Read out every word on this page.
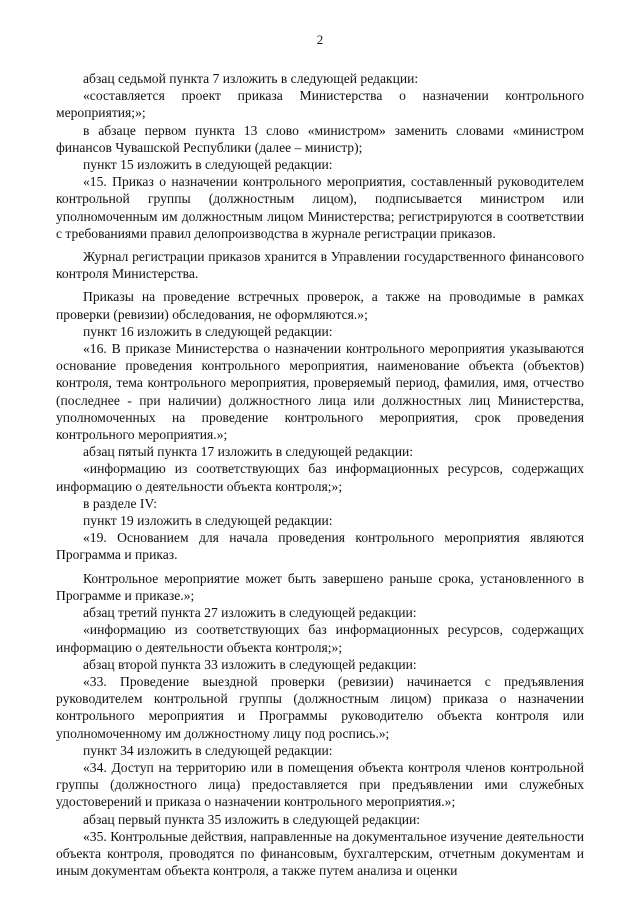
2

абзац седьмой пункта 7 изложить в следующей редакции:

«составляется проект приказа Министерства о назначении контрольного мероприятия;»;

в абзаце первом пункта 13 слово «министром» заменить словами «министром финансов Чувашской Республики (далее – министр);

пункт 15 изложить в следующей редакции:

«15. Приказ о назначении контрольного мероприятия, составленный руководителем контрольной группы (должностным лицом), подписывается министром или уполномоченным им должностным лицом Министерства; регистрируются в соответствии с требованиями правил делопроизводства в журнале регистрации приказов.

Журнал регистрации приказов хранится в Управлении государственного финансового контроля Министерства.

Приказы на проведение встречных проверок, а также на проводимые в рамках проверки (ревизии) обследования, не оформляются.»;

пункт 16 изложить в следующей редакции:

«16. В приказе Министерства о назначении контрольного мероприятия указываются основание проведения контрольного мероприятия, наименование объекта (объектов) контроля, тема контрольного мероприятия, проверяемый период, фамилия, имя, отчество (последнее - при наличии) должностного лица или должностных лиц Министерства, уполномоченных на проведение контрольного мероприятия, срок проведения контрольного мероприятия.»;

абзац пятый пункта 17 изложить в следующей редакции:

«информацию из соответствующих баз информационных ресурсов, содержащих информацию о деятельности объекта контроля;»;

в разделе IV:

пункт 19 изложить в следующей редакции:

«19. Основанием для начала проведения контрольного мероприятия являются Программа и приказ.

Контрольное мероприятие может быть завершено раньше срока, установленного в Программе и приказе.»;

абзац третий пункта 27 изложить в следующей редакции:

«информацию из соответствующих баз информационных ресурсов, содержащих информацию о деятельности объекта контроля;»;

абзац второй пункта 33 изложить в следующей редакции:

«33. Проведение выездной проверки (ревизии) начинается с предъявления руководителем контрольной группы (должностным лицом) приказа о назначении контрольного мероприятия и Программы руководителю объекта контроля или уполномоченному им должностному лицу под роспись.»;

пункт 34 изложить в следующей редакции:

«34. Доступ на территорию или в помещения объекта контроля членов контрольной группы (должностного лица) предоставляется при предъявлении ими служебных удостоверений и приказа о назначении контрольного мероприятия.»;

абзац первый пункта 35 изложить в следующей редакции:

«35. Контрольные действия, направленные на документальное изучение деятельности объекта контроля, проводятся по финансовым, бухгалтерским, отчетным документам и иным документам объекта контроля, а также путем анализа и оценки
